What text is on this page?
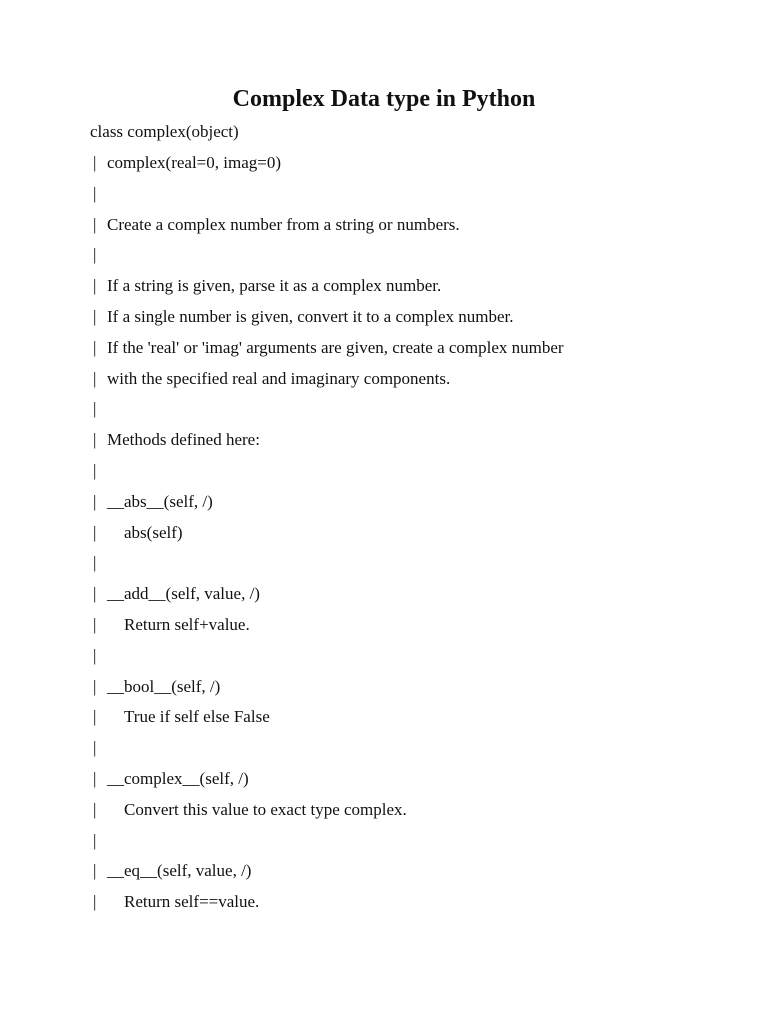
Complex Data type in Python
class complex(object)
| complex(real=0, imag=0)
|
| Create a complex number from a string or numbers.
|
| If a string is given, parse it as a complex number.
| If a single number is given, convert it to a complex number.
| If the 'real' or 'imag' arguments are given, create a complex number
| with the specified real and imaginary components.
|
| Methods defined here:
|
| __abs__(self, /)
| abs(self)
|
| __add__(self, value, /)
| Return self+value.
|
| __bool__(self, /)
| True if self else False
|
| __complex__(self, /)
| Convert this value to exact type complex.
|
| __eq__(self, value, /)
| Return self==value.
